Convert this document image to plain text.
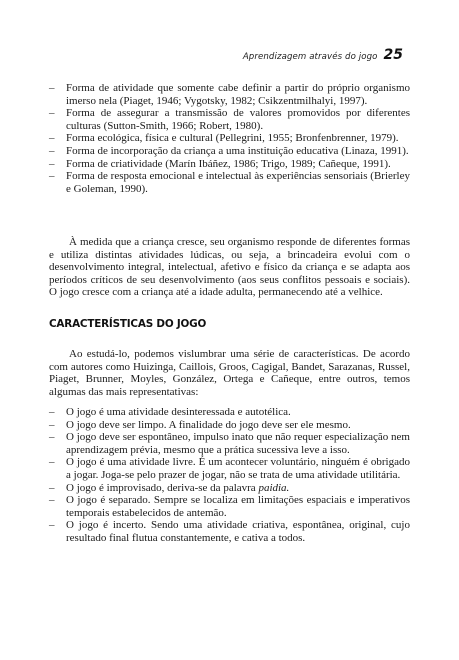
Aprendizagem através do jogo 25
– Forma de atividade que somente cabe definir a partir do próprio organismo imerso nela (Piaget, 1946; Vygotsky, 1982; Csikzentmilhalyi, 1997).
– Forma de assegurar a transmissão de valores promovidos por diferentes culturas (Sutton-Smith, 1966; Robert, 1980).
– Forma ecológica, física e cultural (Pellegrini, 1955; Bronfenbrenner, 1979).
– Forma de incorporação da criança a uma instituição educativa (Linaza, 1991).
– Forma de criatividade (Marín Ibáñez, 1986; Trigo, 1989; Cañeque, 1991).
– Forma de resposta emocional e intelectual às experiências sensoriais (Brierley e Goleman, 1990).

À medida que a criança cresce, seu organismo responde de diferentes formas e utiliza distintas atividades lúdicas, ou seja, a brincadeira evolui com o desenvolvimento integral, intelectual, afetivo e físico da criança e se adapta aos períodos críticos de seu desenvolvimento (aos seus conflitos pessoais e sociais). O jogo cresce com a criança até a idade adulta, permanecendo até a velhice.

CARACTERÍSTICAS DO JOGO

Ao estudá-lo, podemos vislumbrar uma série de características. De acordo com autores como Huizinga, Caillois, Groos, Cagigal, Bandet, Sarazanas, Russel, Piaget, Brunner, Moyles, González, Ortega e Cañeque, entre outros, temos algumas das mais representativas:

– O jogo é uma atividade desinteressada e autotélica.
– O jogo deve ser limpo. A finalidade do jogo deve ser ele mesmo.
– O jogo deve ser espontâneo, impulso inato que não requer especialização nem aprendizagem prévia, mesmo que a prática sucessiva leve a isso.
– O jogo é uma atividade livre. É um acontecer voluntário, ninguém é obrigado a jogar. Joga-se pelo prazer de jogar, não se trata de uma atividade utilitária.
– O jogo é improvisado, deriva-se da palavra paidia.
– O jogo é separado. Sempre se localiza em limitações espaciais e imperativos temporais estabelecidos de antemão.
– O jogo é incerto. Sendo uma atividade criativa, espontânea, original, cujo resultado final flutua constantemente, e cativa a todos.
